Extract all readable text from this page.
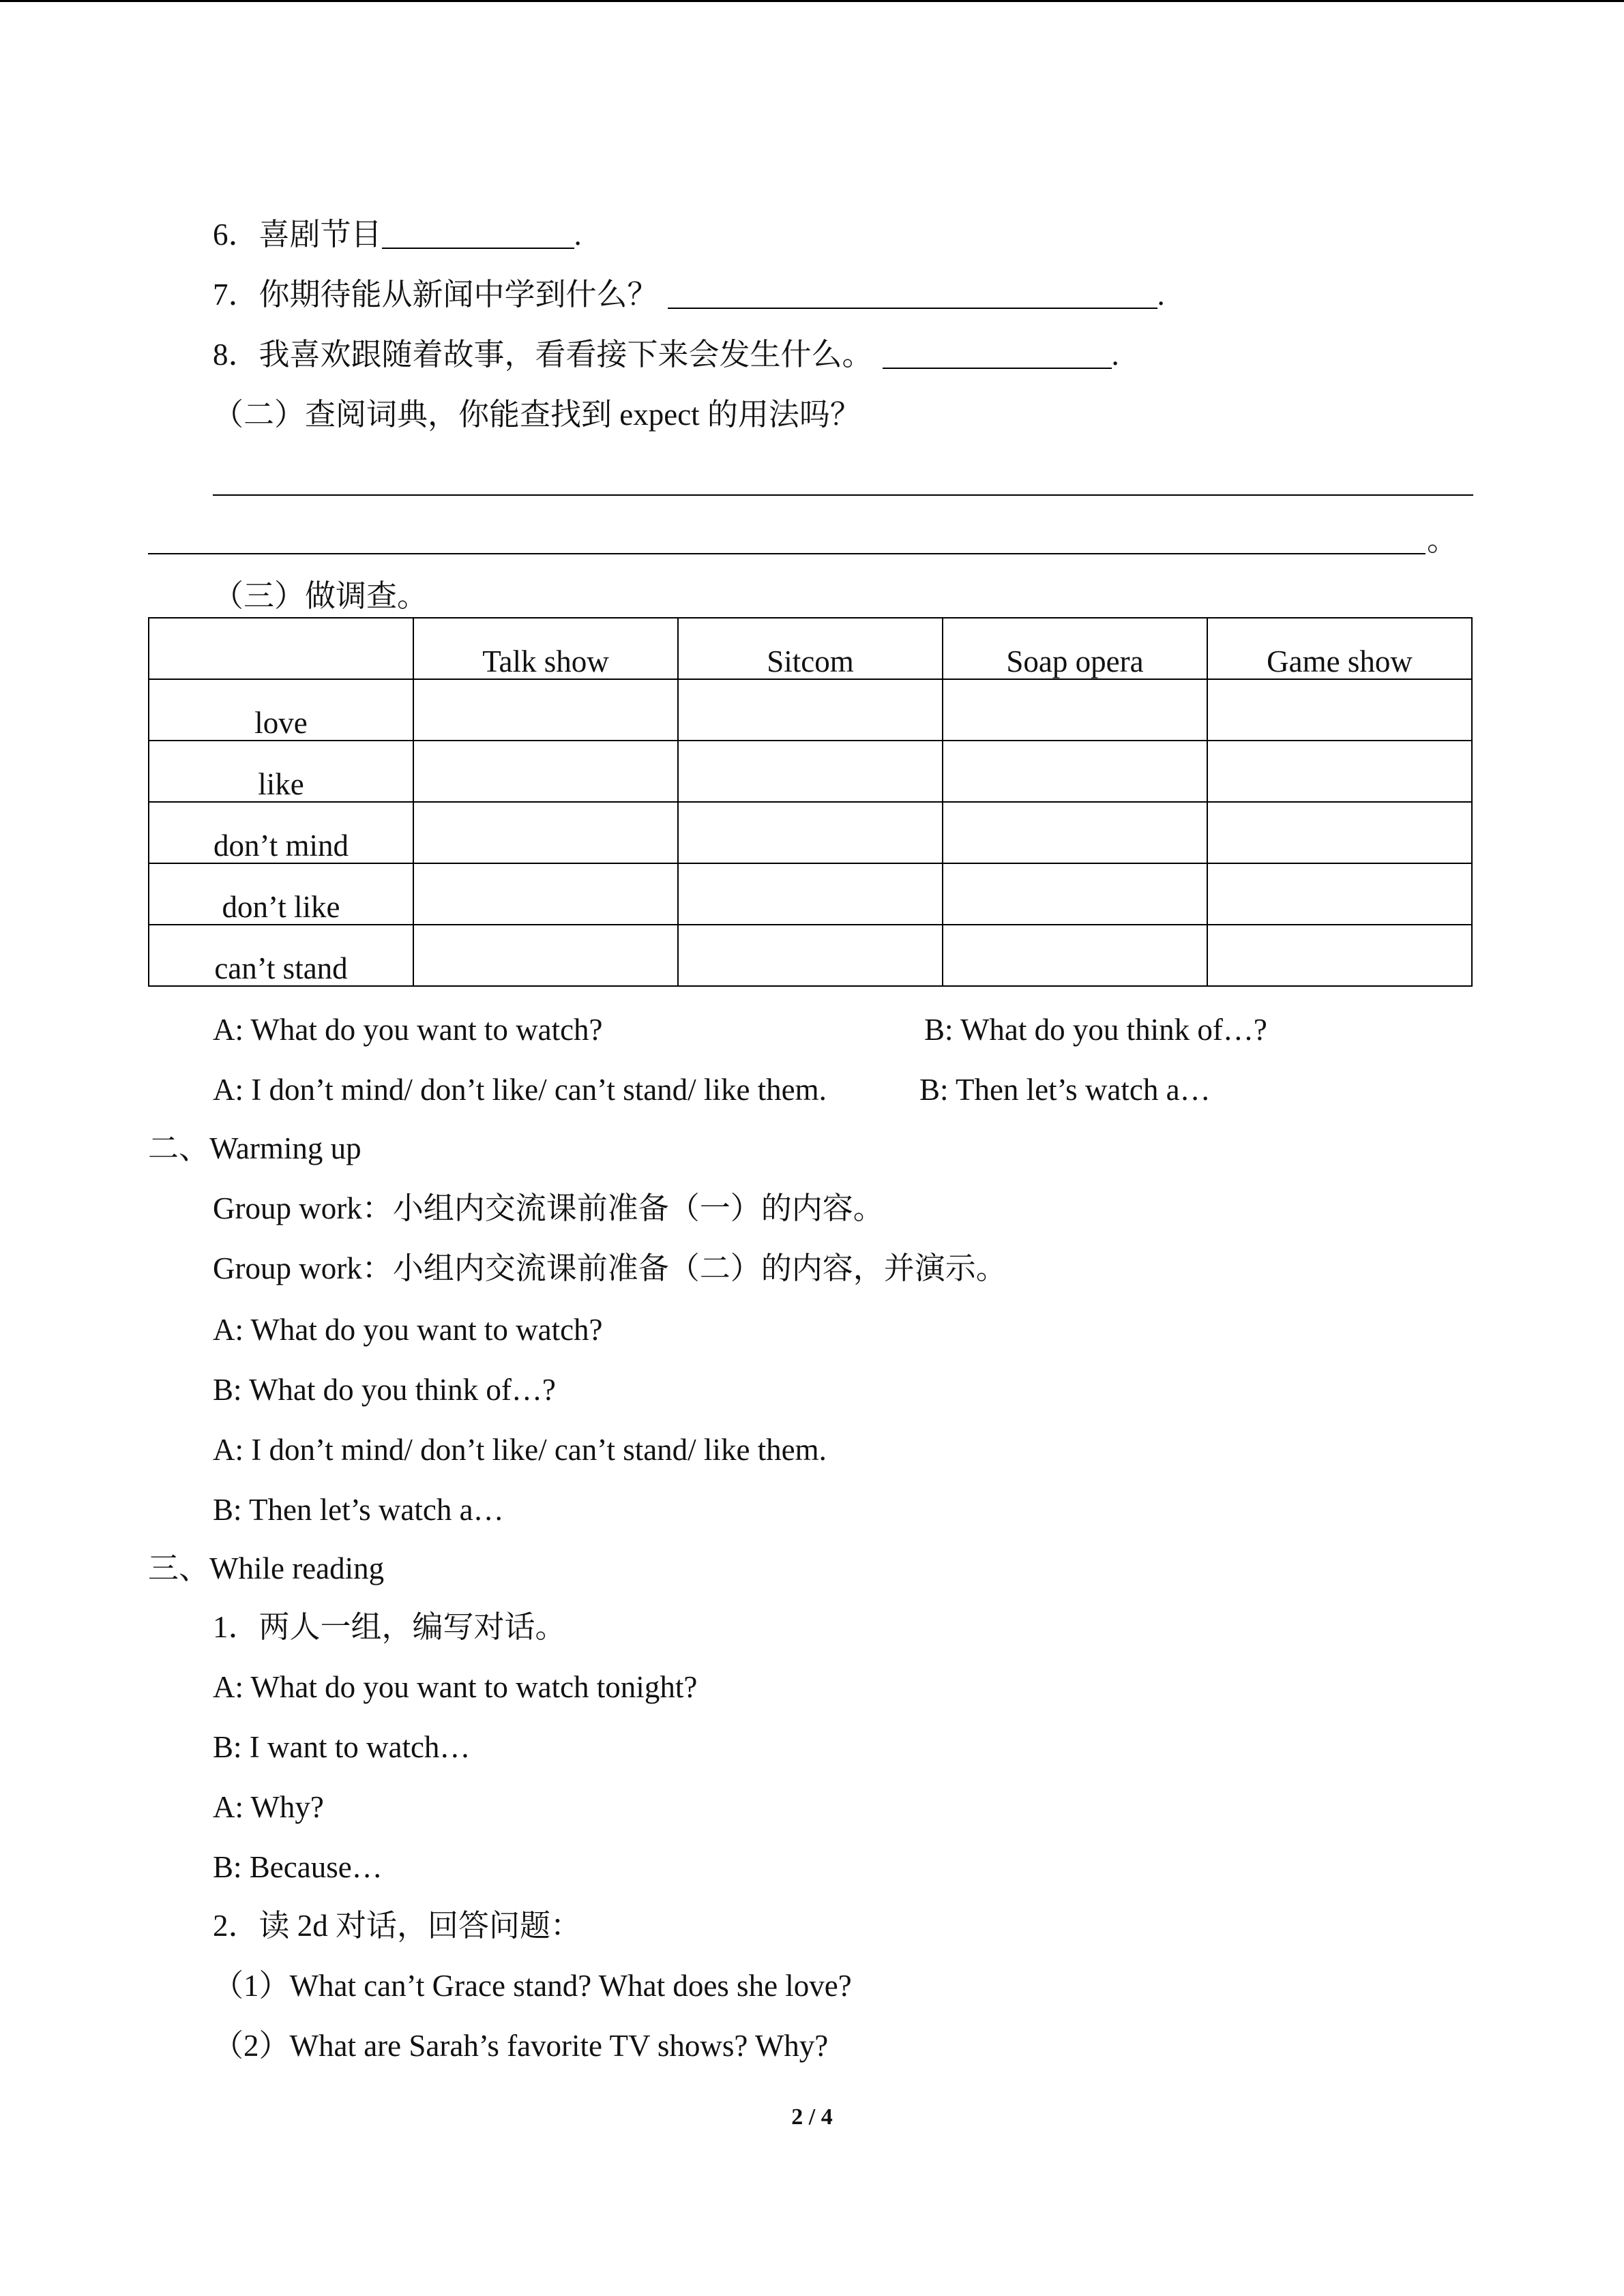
6．喜剧节目	.
7．你期待能从新闻中学到什么？	.
8．我喜欢跟随着故事，看看接下来会发生什么。	.
（二）查阅词典，你能查找到 expect 的用法吗？
。
（三）做调查。
	Talk show	Sitcom	Soap opera	Game show
love				
like				
don’t mind				
don’t like				
can’t stand				
A: What do you want to watch?	B: What do you think of…?
A: I don’t mind/ don’t like/ can’t stand/ like them.	B: Then let’s watch a…
二、Warming up
Group work：小组内交流课前准备（一）的内容。
Group work：小组内交流课前准备（二）的内容，并演示。
A: What do you want to watch?
B: What do you think of…?
A: I don’t mind/ don’t like/ can’t stand/ like them.
B: Then let’s watch a…
三、While reading
1．两人一组，编写对话。
A: What do you want to watch tonight?
B: I want to watch…
A: Why?
B: Because…
2．读 2d 对话，回答问题：
（1）What can’t Grace stand? What does she love?
（2）What are Sarah’s favorite TV shows? Why?
2 / 4
